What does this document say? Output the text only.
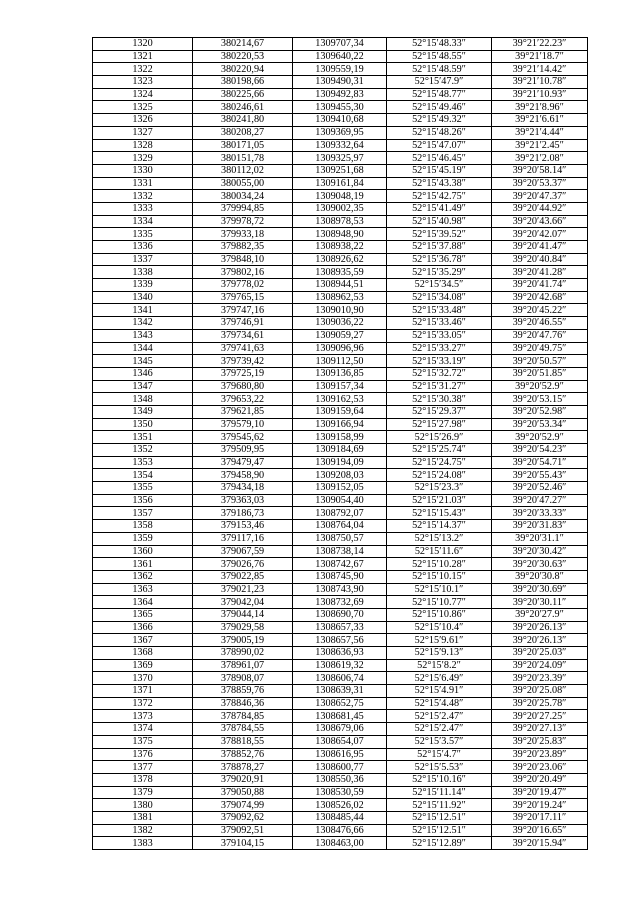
1320	380214,67	1309707,34	52°15′48.33″	39°21′22.23″
1321	380220,53	1309640,22	52°15′48.55″	39°21′18.7″
1322	380220,94	1309559,19	52°15′48.59″	39°21′14.42″
1323	380198,66	1309490,31	52°15′47.9″	39°21′10.78″
1324	380225,66	1309492,83	52°15′48.77″	39°21′10.93″
1325	380246,61	1309455,30	52°15′49.46″	39°21′8.96″
1326	380241,80	1309410,68	52°15′49.32″	39°21′6.61″
1327	380208,27	1309369,95	52°15′48.26″	39°21′4.44″
1328	380171,05	1309332,64	52°15′47.07″	39°21′2.45″
1329	380151,78	1309325,97	52°15′46.45″	39°21′2.08″
1330	380112,02	1309251,68	52°15′45.19″	39°20′58.14″
1331	380055,00	1309161,84	52°15′43.38″	39°20′53.37″
1332	380034,24	1309048,19	52°15′42.75″	39°20′47.37″
1333	379994,85	1309002,35	52°15′41.49″	39°20′44.92″
1334	379978,72	1308978,53	52°15′40.98″	39°20′43.66″
1335	379933,18	1308948,90	52°15′39.52″	39°20′42.07″
1336	379882,35	1308938,22	52°15′37.88″	39°20′41.47″
1337	379848,10	1308926,62	52°15′36.78″	39°20′40.84″
1338	379802,16	1308935,59	52°15′35.29″	39°20′41.28″
1339	379778,02	1308944,51	52°15′34.5″	39°20′41.74″
1340	379765,15	1308962,53	52°15′34.08″	39°20′42.68″
1341	379747,16	1309010,90	52°15′33.48″	39°20′45.22″
1342	379746,91	1309036,22	52°15′33.46″	39°20′46.55″
1343	379734,61	1309059,27	52°15′33.05″	39°20′47.76″
1344	379741,63	1309096,96	52°15′33.27″	39°20′49.75″
1345	379739,42	1309112,50	52°15′33.19″	39°20′50.57″
1346	379725,19	1309136,85	52°15′32.72″	39°20′51.85″
1347	379680,80	1309157,34	52°15′31.27″	39°20′52.9″
1348	379653,22	1309162,53	52°15′30.38″	39°20′53.15″
1349	379621,85	1309159,64	52°15′29.37″	39°20′52.98″
1350	379579,10	1309166,94	52°15′27.98″	39°20′53.34″
1351	379545,62	1309158,99	52°15′26.9″	39°20′52.9″
1352	379509,95	1309184,69	52°15′25.74″	39°20′54.23″
1353	379479,47	1309194,09	52°15′24.75″	39°20′54.71″
1354	379458,90	1309208,03	52°15′24.08″	39°20′55.43″
1355	379434,18	1309152,05	52°15′23.3″	39°20′52.46″
1356	379363,03	1309054,40	52°15′21.03″	39°20′47.27″
1357	379186,73	1308792,07	52°15′15.43″	39°20′33.33″
1358	379153,46	1308764,04	52°15′14.37″	39°20′31.83″
1359	379117,16	1308750,57	52°15′13.2″	39°20′31.1″
1360	379067,59	1308738,14	52°15′11.6″	39°20′30.42″
1361	379026,76	1308742,67	52°15′10.28″	39°20′30.63″
1362	379022,85	1308745,90	52°15′10.15″	39°20′30.8″
1363	379021,23	1308743,90	52°15′10.1″	39°20′30.69″
1364	379042,04	1308732,69	52°15′10.77″	39°20′30.11″
1365	379044,14	1308690,70	52°15′10.86″	39°20′27.9″
1366	379029,58	1308657,33	52°15′10.4″	39°20′26.13″
1367	379005,19	1308657,56	52°15′9.61″	39°20′26.13″
1368	378990,02	1308636,93	52°15′9.13″	39°20′25.03″
1369	378961,07	1308619,32	52°15′8.2″	39°20′24.09″
1370	378908,07	1308606,74	52°15′6.49″	39°20′23.39″
1371	378859,76	1308639,31	52°15′4.91″	39°20′25.08″
1372	378846,36	1308652,75	52°15′4.48″	39°20′25.78″
1373	378784,85	1308681,45	52°15′2.47″	39°20′27.25″
1374	378784,55	1308679,06	52°15′2.47″	39°20′27.13″
1375	378818,55	1308654,07	52°15′3.57″	39°20′25.83″
1376	378852,76	1308616,95	52°15′4.7″	39°20′23.89″
1377	378878,27	1308600,77	52°15′5.53″	39°20′23.06″
1378	379020,91	1308550,36	52°15′10.16″	39°20′20.49″
1379	379050,88	1308530,59	52°15′11.14″	39°20′19.47″
1380	379074,99	1308526,02	52°15′11.92″	39°20′19.24″
1381	379092,62	1308485,44	52°15′12.51″	39°20′17.11″
1382	379092,51	1308476,66	52°15′12.51″	39°20′16.65″
1383	379104,15	1308463,00	52°15′12.89″	39°20′15.94″
